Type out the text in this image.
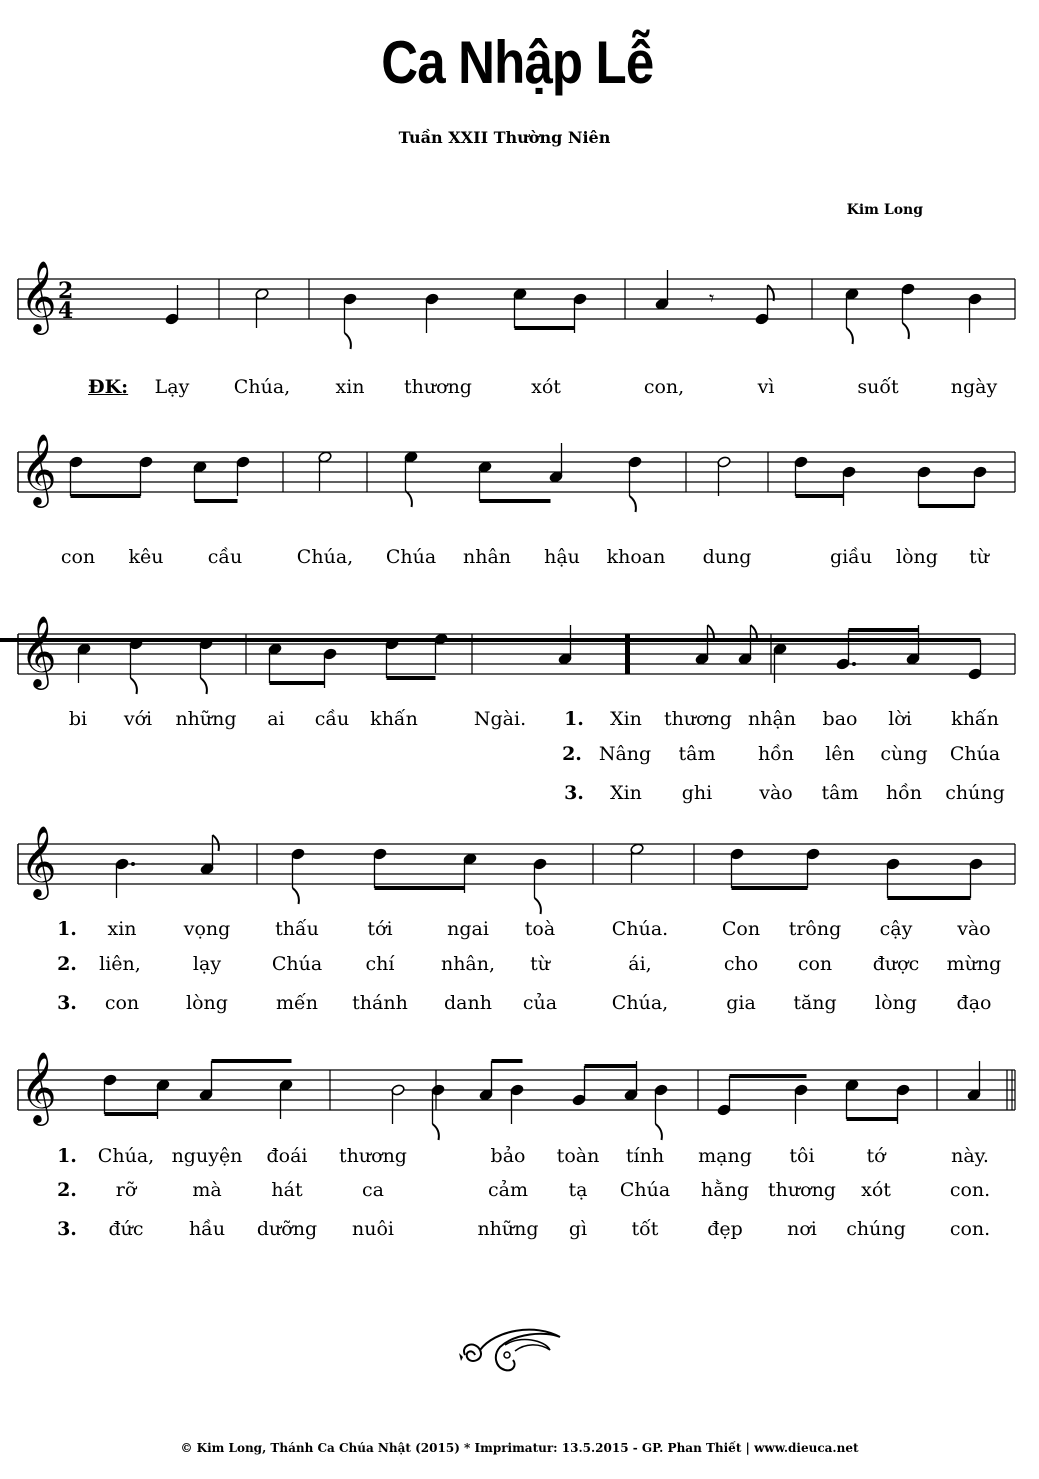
Ca Nhập Lễ
Tuần XXII Thường Niên
Kim Long
𝄞 2
4	𝄾
𝄞
𝄞
𝄞
𝄞
ĐK: Lạy Chúa, xin thương	xót	con,	vì	suốt	ngày
con kêu cầu	Chúa, Chúa nhân hậu khoan dung	giầu lòng từ
bi với những ai cầu khấn	Ngài. 1. Xin thương nhận bao lời khấn
2. Nâng tâm hồn lên cùng Chúa
3. Xin ghi vào tâm hồn chúng
1. xin vọng thấu	tới	ngai toà	Chúa.	Con trông cậy vào
2. liên,	lạy	Chúa chí nhân, từ	ái,	cho con được mừng
3. con lòng	mến thánh danh của	Chúa,	gia tăng lòng đạo
1. Chúa, nguyện đoái thương	bảo toàn tính mạng tôi	tớ	này.
2. rỡ	mà	hát	ca	cảm tạ Chúa hằng thương xót	con.
3. đức hầu dưỡng nuôi	những gì tốt	đẹp nơi chúng con.
© Kim Long, Thánh Ca Chúa Nhật (2015) * Imprimatur: 13.5.2015 - GP. Phan Thiết | www.dieuca.net
